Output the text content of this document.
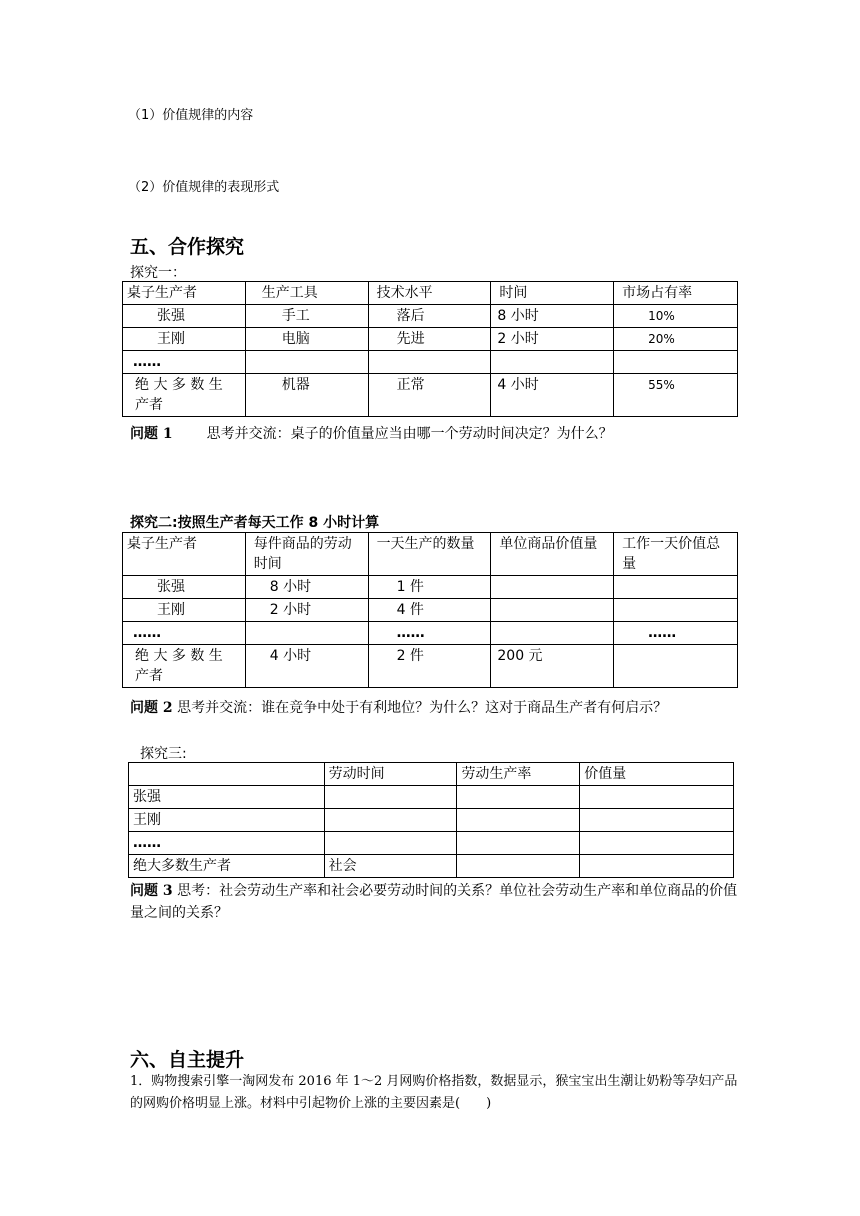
（1）价值规律的内容
（2）价值规律的表现形式
五、合作探究
探究一：
桌子生产者	生产工具	技术水平	时间	市场占有率
张强	手工	落后	8 小时	10%
王刚	电脑	先进	2 小时	20%
……				
绝 大 多 数 生 产者	机器	正常	4 小时	55%
问题 1 思考并交流：桌子的价值量应当由哪一个劳动时间决定？为什么？
探究二:按照生产者每天工作 8 小时计算
桌子生产者	每件商品的劳动时间	一天生产的数量	单位商品价值量	工作一天价值总量
张强	8 小时	1 件		
王刚	2 小时	4 件		
……		……		……
绝 大 多 数 生 产者	4 小时	2 件	200 元	
问题 2 思考并交流：谁在竞争中处于有利地位？为什么？这对于商品生产者有何启示？
探究三:
	劳动时间	劳动生产率	价值量
张强			
王刚			
……			
绝大多数生产者	社会		
问题 3 思考：社会劳动生产率和社会必要劳动时间的关系？单位社会劳动生产率和单位商品的价值量之间的关系？
六、自主提升
1．购物搜索引擎一淘网发布 2016 年 1～2 月网购价格指数，数据显示，猴宝宝出生潮让奶粉等孕妇产品的网购价格明显上涨。材料中引起物价上涨的主要因素是(　　)
